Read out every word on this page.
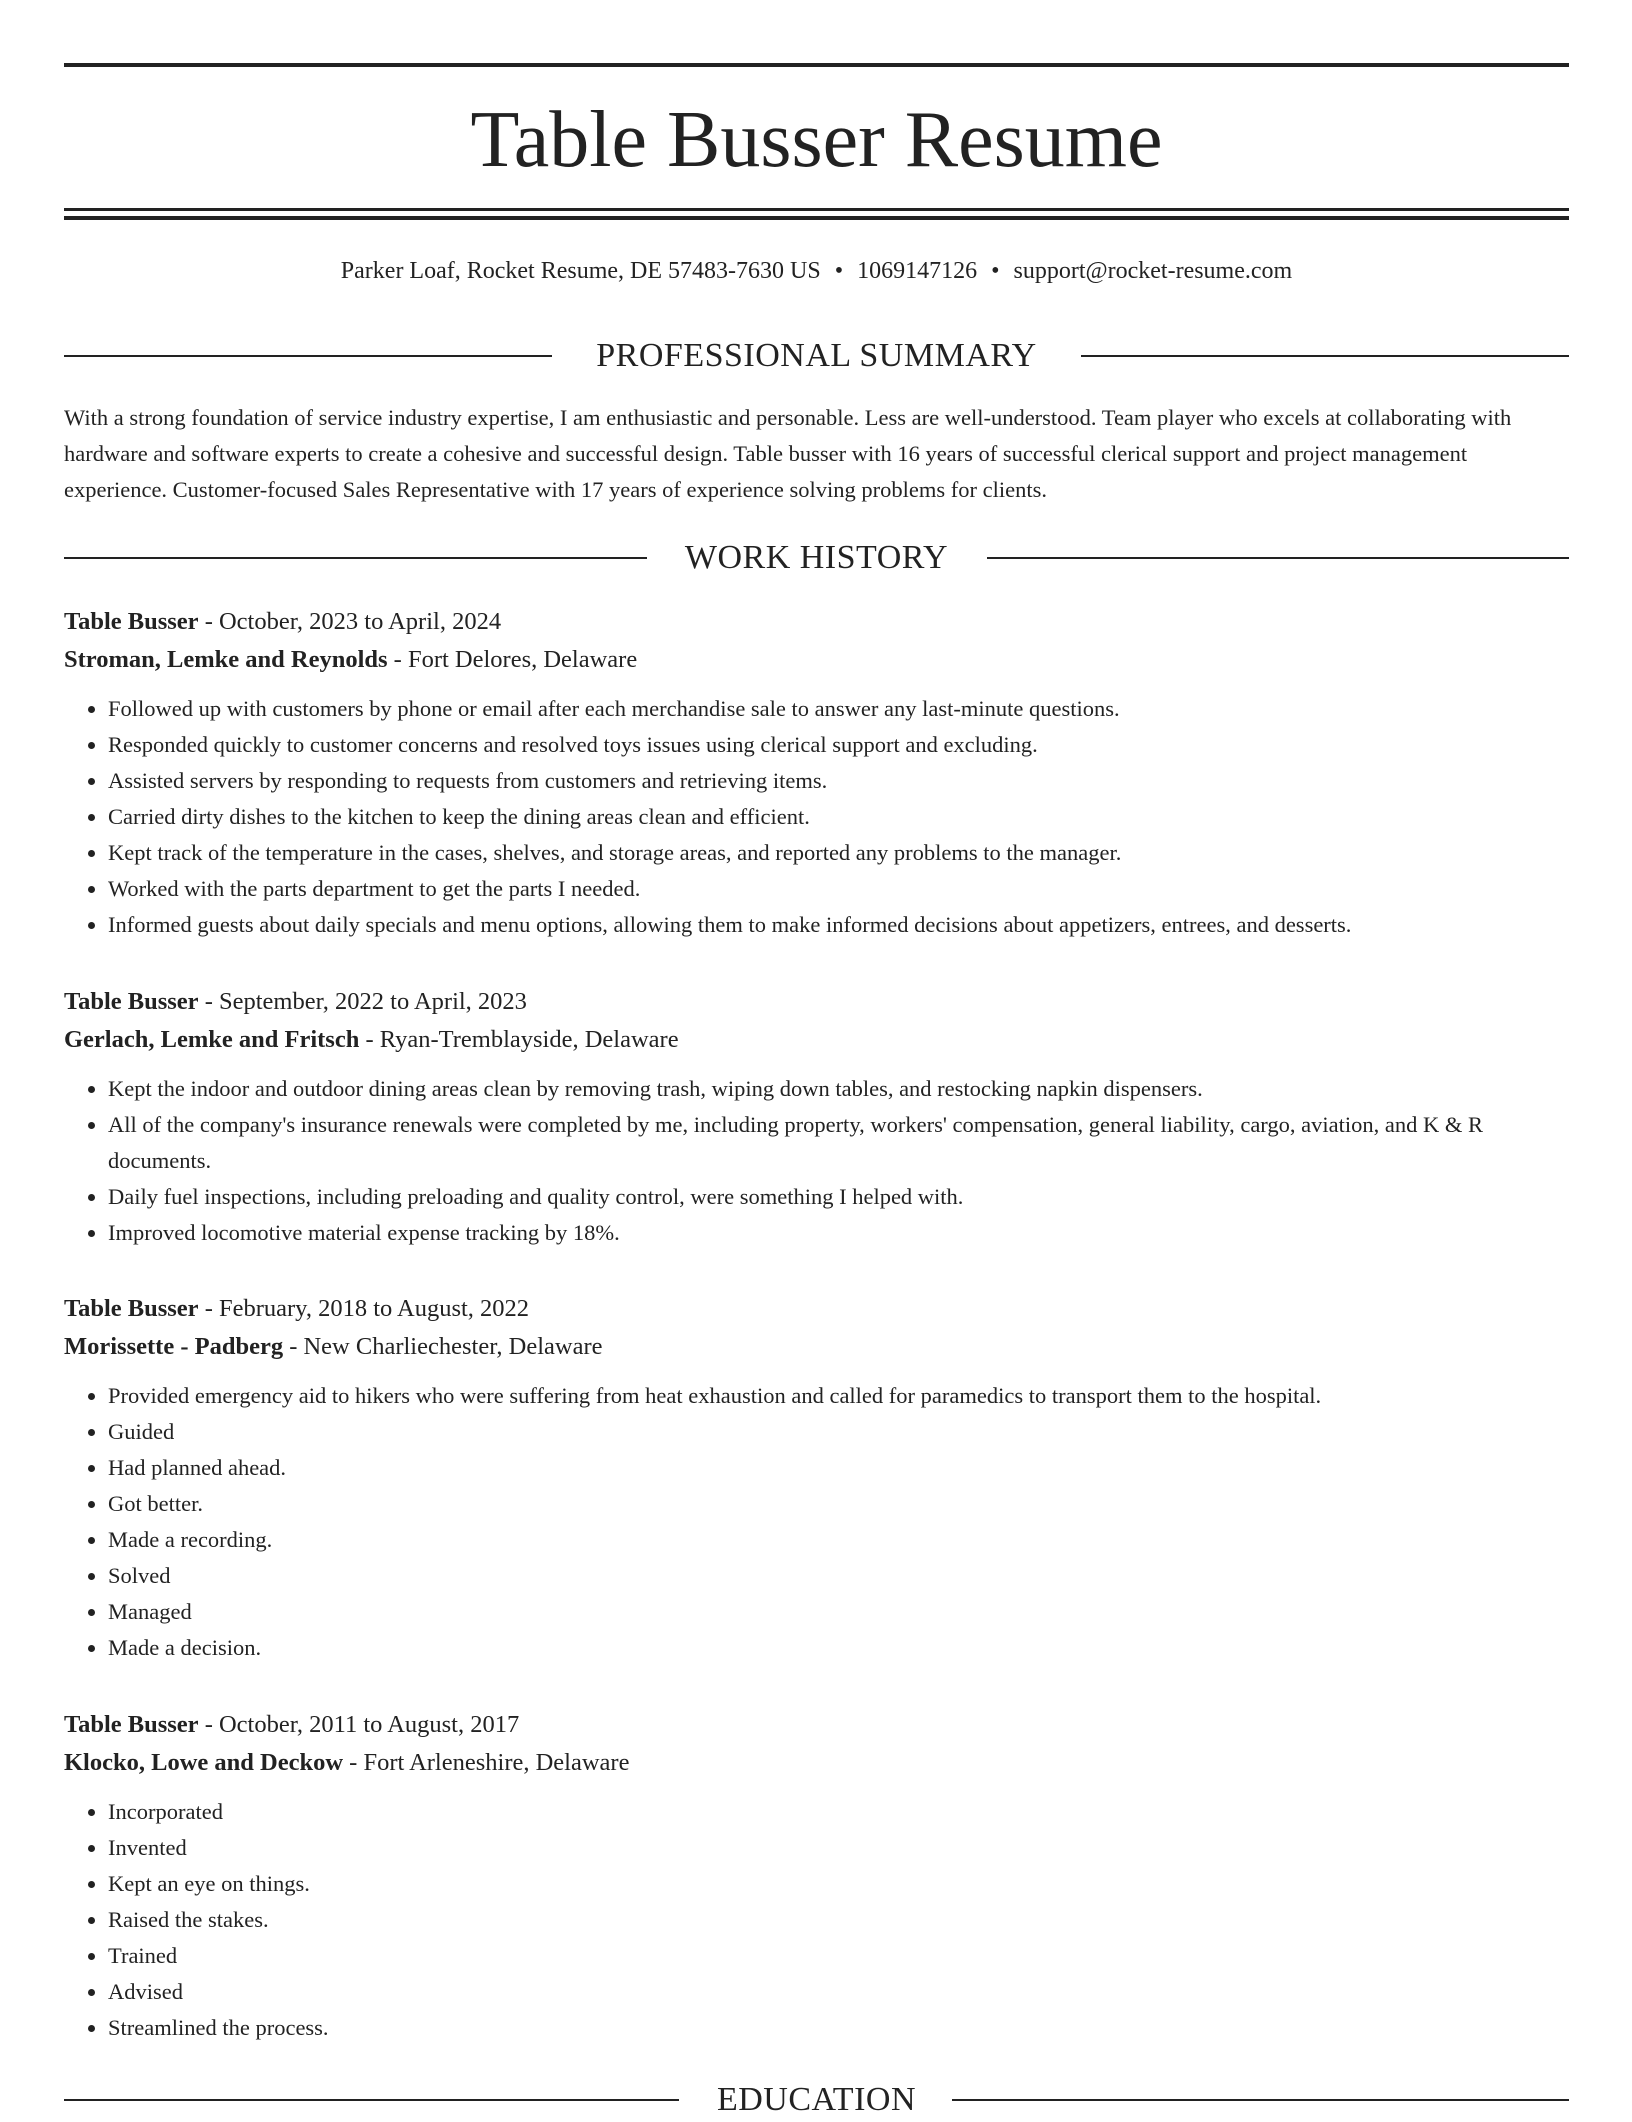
Table Busser Resume
Parker Loaf, Rocket Resume, DE 57483-7630 US • 1069147126 • support@rocket-resume.com
PROFESSIONAL SUMMARY

With a strong foundation of service industry expertise, I am enthusiastic and personable. Less are well-understood. Team player who excels at collaborating with hardware and software experts to create a cohesive and successful design. Table busser with 16 years of successful clerical support and project management experience. Customer-focused Sales Representative with 17 years of experience solving problems for clients.

WORK HISTORY
Table Busser - October, 2023 to April, 2024
Stroman, Lemke and Reynolds - Fort Delores, Delaware
• Followed up with customers by phone or email after each merchandise sale to answer any last-minute questions.
• Responded quickly to customer concerns and resolved toys issues using clerical support and excluding.
• Assisted servers by responding to requests from customers and retrieving items.
• Carried dirty dishes to the kitchen to keep the dining areas clean and efficient.
• Kept track of the temperature in the cases, shelves, and storage areas, and reported any problems to the manager.
• Worked with the parts department to get the parts I needed.
• Informed guests about daily specials and menu options, allowing them to make informed decisions about appetizers, entrees, and desserts.
Table Busser - September, 2022 to April, 2023
Gerlach, Lemke and Fritsch - Ryan-Tremblayside, Delaware
• Kept the indoor and outdoor dining areas clean by removing trash, wiping down tables, and restocking napkin dispensers.
• All of the company's insurance renewals were completed by me, including property, workers' compensation, general liability, cargo, aviation, and K & R documents.
• Daily fuel inspections, including preloading and quality control, were something I helped with.
• Improved locomotive material expense tracking by 18%.
Table Busser - February, 2018 to August, 2022
Morissette - Padberg - New Charliechester, Delaware
• Provided emergency aid to hikers who were suffering from heat exhaustion and called for paramedics to transport them to the hospital.
• Guided
• Had planned ahead.
• Got better.
• Made a recording.
• Solved
• Managed
• Made a decision.
Table Busser - October, 2011 to August, 2017
Klocko, Lowe and Deckow - Fort Arleneshire, Delaware
• Incorporated
• Invented
• Kept an eye on things.
• Raised the stakes.
• Trained
• Advised
• Streamlined the process.
EDUCATION
